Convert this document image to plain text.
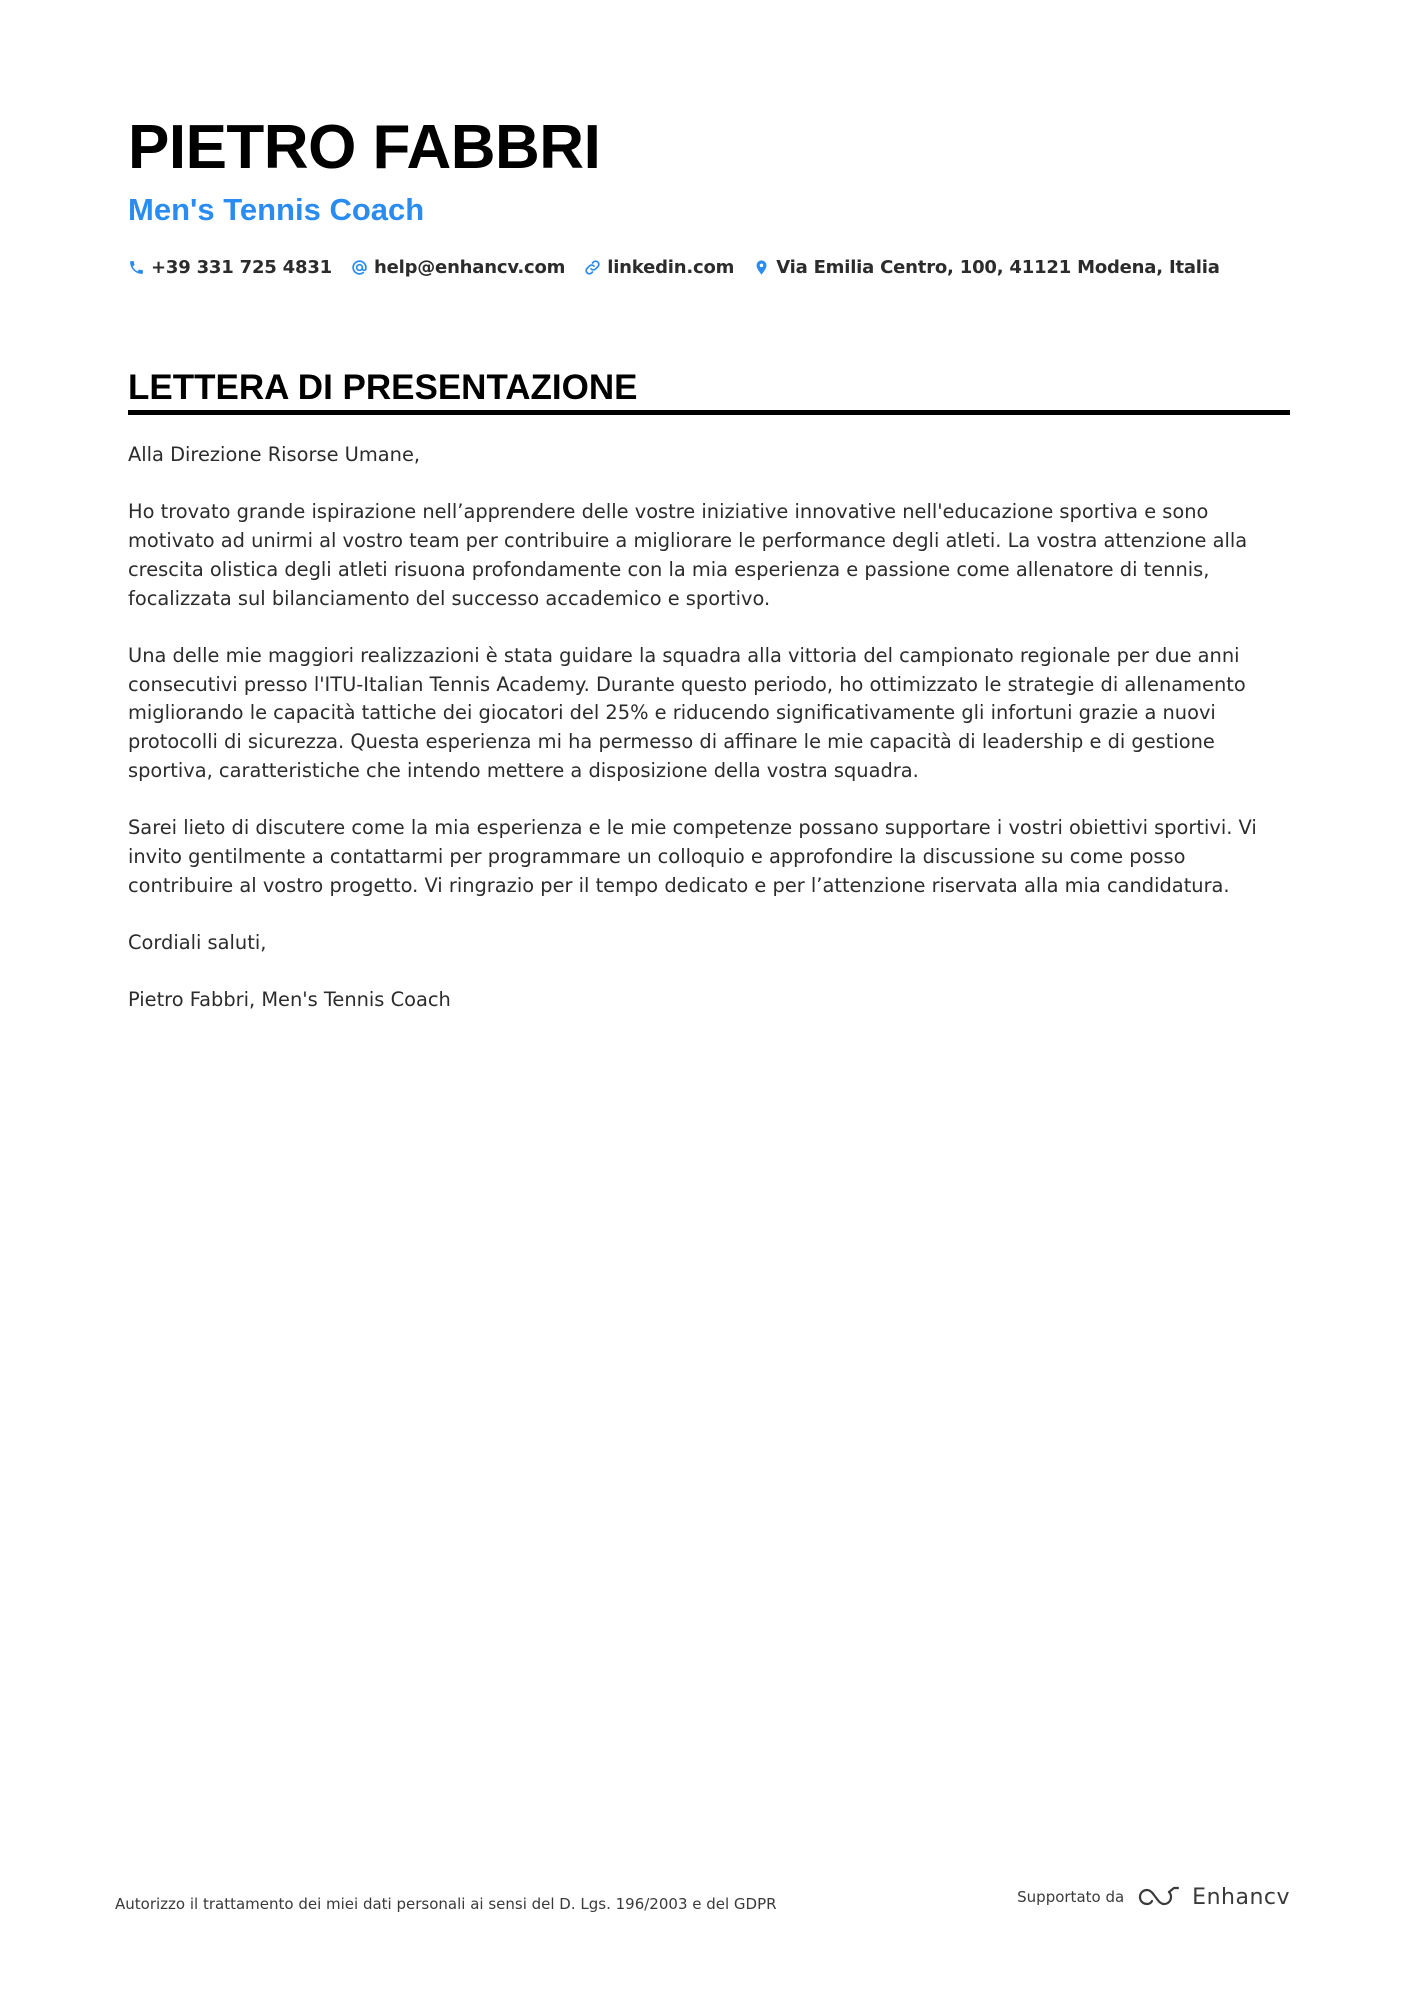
PIETRO FABBRI
Men's Tennis Coach
+39 331 725 4831 help@enhancv.com linkedin.com Via Emilia Centro, 100, 41121 Modena, Italia
LETTERA DI PRESENTAZIONE

Alla Direzione Risorse Umane,

Ho trovato grande ispirazione nell’apprendere delle vostre iniziative innovative nell'educazione sportiva e sono motivato ad unirmi al vostro team per contribuire a migliorare le performance degli atleti. La vostra attenzione alla crescita olistica degli atleti risuona profondamente con la mia esperienza e passione come allenatore di tennis, focalizzata sul bilanciamento del successo accademico e sportivo.

Una delle mie maggiori realizzazioni è stata guidare la squadra alla vittoria del campionato regionale per due anni consecutivi presso l'ITU-Italian Tennis Academy. Durante questo periodo, ho ottimizzato le strategie di allenamento migliorando le capacità tattiche dei giocatori del 25% e riducendo significativamente gli infortuni grazie a nuovi protocolli di sicurezza. Questa esperienza mi ha permesso di affinare le mie capacità di leadership e di gestione sportiva, caratteristiche che intendo mettere a disposizione della vostra squadra.

Sarei lieto di discutere come la mia esperienza e le mie competenze possano supportare i vostri obiettivi sportivi. Vi invito gentilmente a contattarmi per programmare un colloquio e approfondire la discussione su come posso contribuire al vostro progetto. Vi ringrazio per il tempo dedicato e per l’attenzione riservata alla mia candidatura.

Cordiali saluti,

Pietro Fabbri, Men's Tennis Coach

Autorizzo il trattamento dei miei dati personali ai sensi del D. Lgs. 196/2003 e del GDPR	Supportato da	Enhancv
